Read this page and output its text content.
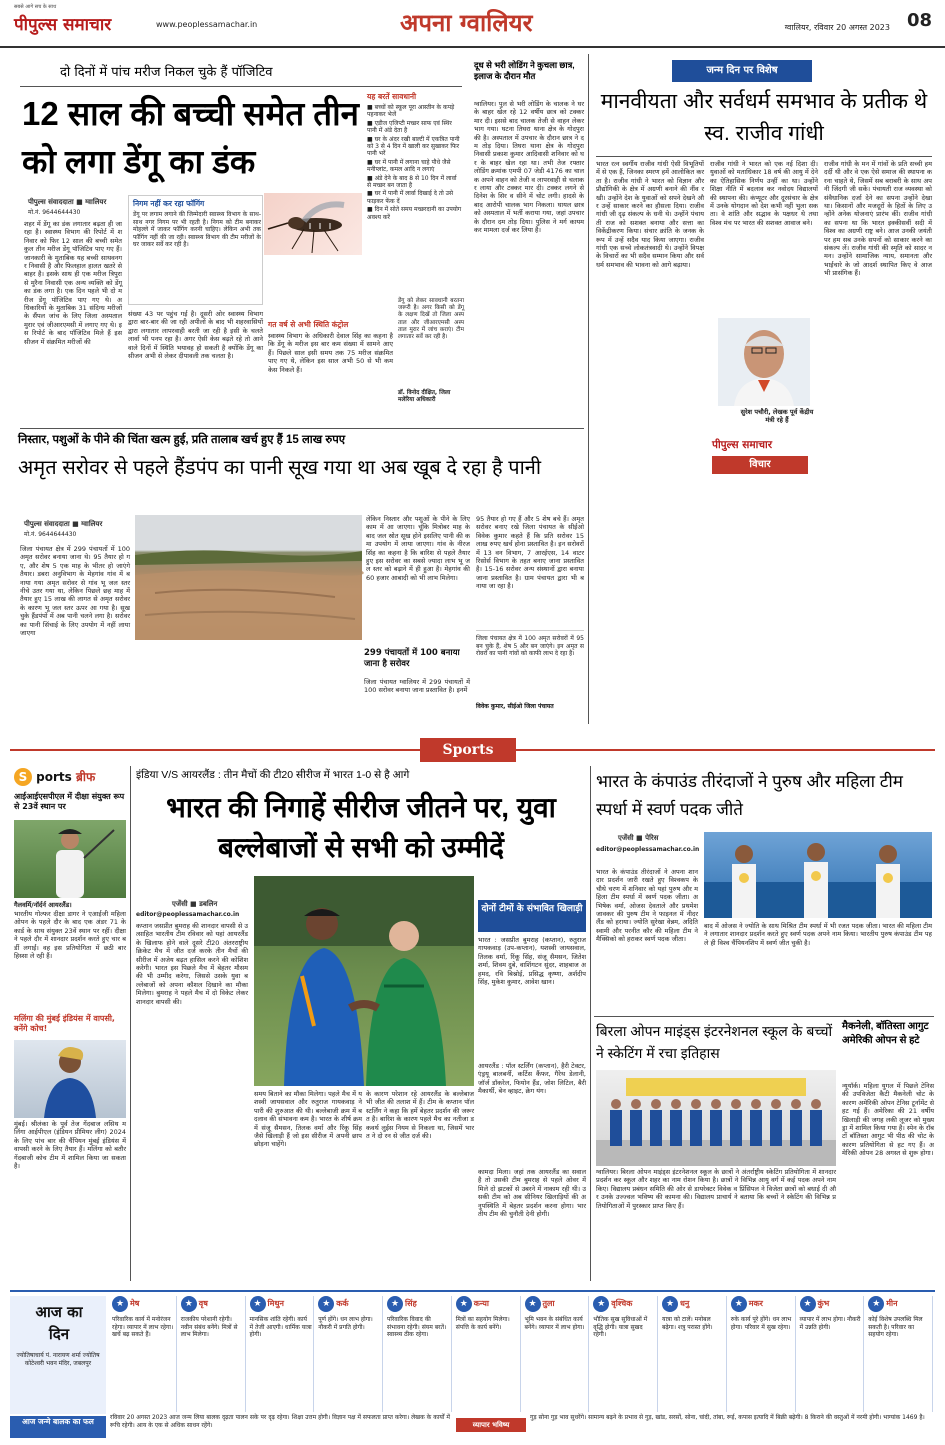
पीपुल्स समाचार
सबसे आगे सच के साथ
www.peoplessamachar.in	अपना ग्वालियर	ग्वालियर, रविवार 20 अगस्त 2023 08
दो दिनों में पांच मरीज निकल चुके हैं पॉजिटिव
12 साल की बच्ची समेत तीन को लगा डेंगू का डंक
पीपुल्स संवाददाता ■ ग्वालियर
मो.नं. 9644644430
शहर में डेंगू का डंक लगातार बढ़ता ही जा रहा है। स्वास्थ्य विभाग की रिपोर्ट में शनिवार को फिर 12 साल की बच्ची समेत कुल तीन मरीज डेंगू पॉजिटिव पाए गए हैं। जानकारी के मुताबिक यह बच्ची साथवनगर निवासी है और फिलहाल हालत खतरे से बाहर है। इसके साथ ही एक मरीज त्रिपुरा से मुरैना निवासी एक अन्य व्यक्ति को डेंगू का डंक लगा है। एक दिन पहले भी दो मरीज डेंगू पॉजिटिव पाए गए थे। अधिकारियों के मुताबिक 31 संदिग्ध मरीजों के सैंपल जांच के लिए जिला अस्पताल मुरार एवं जीआरएमसी में लगाए गए थे। इस रिपोर्ट के बाद पॉजिटिव मिले हैं इस सीजन में संक्रमित मरीजों की
निगम नहीं कर रहा फॉगिंग
डेंगू पर लगाम लगाने की जिम्मेदारी स्वास्थ्य विभाग के साथ-साथ नगर निगम पर भी रहती है। निगम को टीम बनाकर मोहल्ले में जाकर फॉगिंग करनी चाहिए। लेकिन अभी तक फॉगिंग नहीं की जा रही। स्वास्थ्य विभाग की टीम मरीजों के घर जाकर सर्वे कर रही है।
संख्या 43 पर पहुंच गई है। दूसरी ओर स्वास्थ्य विभाग द्वारा बार-बार की जा रही अपीलों के बाद भी शहरवासियों द्वारा लगातार लापरवाही बरती जा रही है इसी के चलते लार्वा भी पनप रहा है। अगर ऐसी केस बढ़ते रहे तो आने वाले दिनों में स्थिति भयावह हो सकती है क्योंकि डेंगू का सीजन अभी से लेकर दीपावली तक चलता है।
यह बरतें सावधानी
■ बच्चों को स्कूल पूरा आस्तीन के कपड़े पहनाकर भेजें
■ एडीज एजिप्टी मच्छर साफ एवं स्थिर पानी में अंडे देता है
■ घर के अंदर रखी बाल्टी में एकत्रित पानी को 3 से 4 दिन में खाली कर सुखाकर फिर पानी भरें
■ घर में पानी में लगाना चाहे पौधे जैसे मनीप्लांट, कमल आदि न लगाएं
■ अंडे देने के बाद 8 से 10 दिन में लार्वा से मच्छर बन जाता है
■ घर में पानी में लार्वा दिखाई दे तो उसे फाड़कर फेंक दें
■ दिन में सोते समय मच्छरदानी का उपयोग अवश्य करें
गत वर्ष से अभी स्थिति कंट्रोल
स्वास्थ्य विभाग के अधिकारी देवाल सिंह का कहना है कि डेंगू के मरीज इस बार कम संख्या में सामने आए हैं। पिछले साल इसी समय तक 75 मरीज संक्रमित पाए गए थे, लेकिन इस साल अभी 50 से भी कम केस निकले हैं।
डेंगू को लेकर सावधानी बरतना जरूरी है। अगर किसी को डेंगू के लक्षण दिखें तो जिला अस्पताल और जीआरएमसी अस्पताल मुरार में जांच कराएं। टीम लगातार सर्वे कर रही है।
डॉ. विनोद दीक्षित, जिला मलेरिया अधिकारी
दूध से भरी लोडिंग ने कुचला छात्र, इलाज के दौरान मौत
ग्वालियर। पुल से भरी लोडिंग के चालक ने घर के बाहर खेल रहे 12 वर्षीय छात्र को टक्कर मार दी। इससे बाद चालक तेजी से वाहन लेकर भाग गया। घटना तिघरा थाना क्षेत्र के गोदपुरा की है। अस्पताल में उपचार के दौरान छात्र ने दम तोड़ दिया। तिघरा थाना क्षेत्र के गोदपुरा निवासी प्रकाश कुमार आदिवासी शनिवार को घर के बाहर खेल रहा था। तभी तेज रफ्तार लोडिंग क्रमांक एमपी 07 जेडी 4176 का चालक अपने वाहन को तेजी व लापरवाही से चलाकर लाया और टक्कर मार दी। टक्कर लगने से दिनेश के सिर व सीने में चोट लगी। हादसे के बाद आरोपी चालक भाग निकला। घायल छात्र को अस्पताल में भर्ती कराया गया, जहां उपचार के दौरान दम तोड़ दिया। पुलिस ने मर्ग कायम कर मामला दर्ज कर लिया है।
निस्तार, पशुओं के पीने की चिंता खत्म हुई, प्रति तालाब खर्च हुए हैं 15 लाख रुपए
अमृत सरोवर से पहले हैंडपंप का पानी सूख गया था अब खूब दे रहा है पानी
पीपुल्स संवाददाता ■ ग्वालियर
मो.नं. 9644644430
जिला पंचायत क्षेत्र में 299 पंचायतों में 100 अमृत सरोवर बनाया जाना थे। 95 तैयार हो गए, और शेष 5 एक माह के भीतर हो जाएंगे तैयार। डबरा अनुविभाग के मेहगांव गांव में बनाया गया अमृत सरोवर से गांव भू जल स्तर नीचे उतर गया था, लेकिन पिछले छह माह में तैयार हुए 15 लाख की लागत से अमृत सरोवर के कारण भू जल स्तर ऊपर आ गया है। सूख चुके हैंडपंपों में अब पानी चलने लगा है। सरोवर का पानी सिंचाई के लिए उपयोग में नहीं लाया जाएगा
लेकिन निस्तार और पशुओं के पीने के लिए काम में आ जाएगा। चूंकि मित्रोबर माह के बाद जल स्रोत सूख होने इसलिए पानी की कमा उपयोग में लाया जाएगा। गांव के नीरज सिंह का कहना है कि बारिश से पहले तैयार हुए इस सरोवर का सबसे ज्यादा लाभ भू जल स्तर को बढ़ाने में ही हुआ है। मेहगांव की 60 हजार आबादी को भी लाभ मिलेगा।
299 पंचायतों में 100 बनाया जाना है सरोवर
जिला पंचायत ग्वालियर में 299 पंचायतों में 100 सरोवर बनाया जाना प्रस्तावित है। इनमें
95 तैयार हो गए हैं और 5 शेष बचे हैं। अमृत सरोवर बनाए रखे जिला पंचायत के सीईओ विवेक कुमार कहते हैं कि प्रति सरोवर 15 लाख रुपए खर्च होना प्रस्तावित है। इन सरोवरों में 13 वन विभाग, 7 आरईएस, 14 वाटर रिसोर्स विभाग के तहत बनाए जाना प्रस्तावित है। 15-16 सरोवर अन्य संस्थानों द्वारा बनाया जाना प्रस्तावित है। ग्राम पंचायत द्वारा भी बनाया जा रहा है।
जिला पंचायत क्षेत्र में 100 अमृत सरोवरों में 95 बन चुके हैं, शेष 5 और बन जाएंगे। इन अमृत सरोवरों का पानी गांवों को काफी लाभ दे रहा है।
विवेक कुमार, सीईओ जिला पंचायत
जन्म दिन पर विशेष
मानवीयता और सर्वधर्म समभाव के प्रतीक थे स्व. राजीव गांधी
भारत रत्न स्वर्गीय राजीव गांधी ऐसी विभूतियों में से एक हैं, जिनका स्मरण हमें आलोकित करता है। राजीव गांधी ने भारत को विज्ञान और प्रौद्योगिकी के क्षेत्र में अग्रणी बनाने की नींव रखी। उन्होंने देश के युवाओं को सपने देखने और उन्हें साकार करने का हौसला दिया। राजीव गांधी जी दृढ़ संकल्प के धनी थे। उन्होंने पंचायती राज को सशक्त बनाया और सत्ता का विकेंद्रीकरण किया। संचार क्रांति के जनक के रूप में उन्हें सदैव याद किया जाएगा। राजीव गांधी एक सच्चे लोकतंत्रवादी थे। उन्होंने विपक्ष के विचारों का भी सदैव सम्मान किया और सर्वधर्म समभाव की भावना को आगे बढ़ाया।
राजीव गांधी ने भारत को एक नई दिशा दी। युवाओं को मताधिकार 18 वर्ष की आयु में देने का ऐतिहासिक निर्णय उन्हीं का था। उन्होंने शिक्षा नीति में बदलाव कर नवोदय विद्यालयों की स्थापना की। कंप्यूटर और दूरसंचार के क्षेत्र में उनके योगदान को देश कभी नहीं भुला सकता। वे शांति और सद्भाव के पक्षधर थे तथा विश्व मंच पर भारत की सशक्त आवाज बने।
राजीव गांधी के मन में गांवों के प्रति सच्ची हमदर्दी थी और वे एक ऐसे समाज की स्थापना करना चाहते थे, जिसमें सब बराबरी के साथ अपनी जिंदगी जी सकें। पंचायती राज व्यवस्था को संवैधानिक दर्जा देने का सपना उन्होंने देखा था। किसानों और मजदूरों के हितों के लिए उन्होंने अनेक योजनाएं प्रारंभ कीं। राजीव गांधी का सपना था कि भारत इक्कीसवीं सदी में विश्व का अग्रणी राष्ट्र बने। आज उनकी जयंती पर हम सब उनके सपनों को साकार करने का संकल्प लें। राजीव गांधी की स्मृति को सादर नमन। उन्होंने सामाजिक न्याय, समानता और भाईचारे के जो आदर्श स्थापित किए वे आज भी प्रासंगिक हैं।
सुरेश पचौरी, लेखक पूर्व केंद्रीय मंत्री रहे हैं
पीपुल्स समाचार
विचार
Sports
S ports ब्रीफ
आईआईएसपीएल में दीक्षा संयुक्त रूप से 23वें स्थान पर
गैलवर्मि/नॉर्दर्न आयरलैंड।
भारतीय गोल्फर दीक्षा डागर ने एआईजी महिला ओपन के पहले दौर के बाद एक अंडर 71 के कार्ड के साथ संयुक्त 23वें स्थान पर रहीं। दीक्षा ने पहले दौर में शानदार प्रदर्शन करते हुए चार बर्डी लगाईं। वह इस प्रतियोगिता में छठी बार हिस्सा ले रही हैं।
मलिंगा की मुंबई इंडियंस में वापसी, बनेंगे कोच!
मुंबई। श्रीलंका के पूर्व तेज गेंदबाज लसिथ मलिंगा आईपीएल (इंडियन प्रीमियर लीग) 2024 के लिए पांच बार की चैंपियन मुंबई इंडियंस में वापसी करने के लिए तैयार हैं। मलिंगा को बतौर गेंदबाजी कोच टीम में शामिल किया जा सकता है।
इंडिया V/S आयरलैंड : तीन मैचों की टी20 सीरीज में भारत 1-0 से है आगे
भारत की निगाहें सीरीज जीतने पर, युवा बल्लेबाजों से सभी को उम्मीदें
एजेंसी ■ डबलिन
editor@peoplessamachar.co.in
कप्तान जसप्रीत बुमराह की शानदार वापसी से उत्साहित भारतीय टीम रविवार को यहां आयरलैंड के खिलाफ होने वाले दूसरे टी20 अंतरराष्ट्रीय क्रिकेट मैच में जीत दर्ज करके तीन मैचों की सीरीज में अजेय बढ़त हासिल करने की कोशिश करेगी। भारत इस पिछले मैच में बेहतर मौसम की भी उम्मीद करेगा, जिससे उसके युवा बल्लेबाजों को अपना कौशल दिखाने का मौका मिलेगा। बुमराह ने पहले मैच में दो विकेट लेकर शानदार वापसी की।
दोनों टीमों के संभावित खिलाड़ी
भारत : जसप्रीत बुमराह (कप्तान), रुतुराज गायकवाड़ (उप-कप्तान), यशस्वी जायसवाल, तिलक वर्मा, रिंकू सिंह, संजू सैमसन, जितेश शर्मा, शिवम दुबे, वाशिंगटन सुंदर, शाहबाज अहमद, रवि बिश्नोई, प्रसिद्ध कृष्णा, अर्शदीप सिंह, मुकेश कुमार, आवेश खान।
आयरलैंड : पॉल स्टर्लिंग (कप्तान), हैरी टेक्टर, एंड्रयू बालबर्नी, कर्टिस कैंफर, गैरेथ डेलानी, जॉर्ज डॉकरेल, फियोन हैंड, जोश लिटिल, बैरी मैकार्थी, बेन व्हाइट, क्रेग यंग।
कामदा मिला। जहां तक आयरलैंड का सवाल है तो उसकी टीम बुमराह से पहले ओवर में मिले दो झटकों से उबरने में नाकाम रही थी। उसकी टीम को अब सीनियर खिलाड़ियों की अनुपस्थिति में बेहतर प्रदर्शन करना होगा। भारतीय टीम की चुनौती देनी होगी।
समय बिताने का मौका मिलेगा। पहले मैच में यशस्वी जायसवाल और रुतुराज गायकवाड़ ने पारी की शुरुआत की थी। बल्लेबाजी क्रम में बदलाव की संभावना कम है। भारत के शीर्ष क्रम में संजू सैमसन, तिलक वर्मा और रिंकू सिंह जैसे खिलाड़ी हैं जो इस सीरीज में अपनी छाप छोड़ना चाहेंगे।
के कारण परेशान रहे आयरलैंड के बल्लेबाज भी जीत की तलाश में हैं। टीम के कप्तान पॉल स्टर्लिंग ने कहा कि हमें बेहतर प्रदर्शन की जरूरत है। बारिश के कारण पहले मैच का नतीजा डकवर्थ लुईस नियम से निकला था, जिसमें भारत ने दो रन से जीत दर्ज की।
भारत के कंपाउंड तीरंदाजों ने पुरुष और महिला टीम स्पर्धा में स्वर्ण पदक जीते
एजेंसी ■ पेरिस
editor@peoplessamachar.co.in
भारत के कंपाउंड तीरंदाजों ने अपना शानदार प्रदर्शन जारी रखते हुए विश्वकप के चौथे चरण में शनिवार को यहां पुरुष और महिला टीम स्पर्धा में स्वर्ण पदक जीता। अभिषेक वर्मा, ओजस देवताले और प्रथमेश जावकर की पुरुष टीम ने फाइनल में नीदरलैंड को हराया। ज्योति सुरेखा वेन्नम, अदिति स्वामी और परनीत कौर की महिला टीम ने मैक्सिको को हराकर स्वर्ण पदक जीता।
बाद में ओजस ने ज्योति के साथ मिश्रित टीम स्पर्धा में भी रजत पदक जीता। भारत की महिला टीम ने लगातार शानदार प्रदर्शन करते हुए स्वर्ण पदक अपने नाम किया। भारतीय पुरुष कंपाउंड टीम पहले ही विश्व चैंपियनशिप में स्वर्ण जीत चुकी है।
बिरला ओपन माइंड्स इंटरनेशनल स्कूल के बच्चों ने स्केटिंग में रचा इतिहास
ग्वालियर। बिरला ओपन माइंड्स इंटरनेशनल स्कूल के छात्रों ने अंतर्राष्ट्रीय स्केटिंग प्रतियोगिता में शानदार प्रदर्शन कर स्कूल और शहर का नाम रोशन किया है। छात्रों ने विभिन्न आयु वर्ग में कई पदक अपने नाम किए। विद्यालय प्रबंधन समिति की ओर से डायरेक्टर विवेक व प्रिंसिपल ने विजेता छात्रों को बधाई दी और उनके उज्ज्वल भविष्य की कामना की। विद्यालय प्राचार्य ने बताया कि बच्चों ने स्केटिंग की विभिन्न प्रतियोगिताओं में पुरस्कार प्राप्त किए हैं।
मैकनेली, बॉतिस्ता आगुट अमेरिकी ओपन से हटे
न्यूयॉर्क। महिला युगल में पिछले टेनिस की उपविजेता कैटी मैकनेली चोट के कारण अमेरिकी ओपन टेनिस टूर्नामेंट से हट गई हैं। अमेरिका की 21 वर्षीय खिलाड़ी की जगह लकी लूजर को मुख्य ड्रा में शामिल किया गया है। स्पेन के रॉबर्टो बॉतिस्ता आगुट भी पीठ की चोट के कारण प्रतियोगिता से हट गए हैं। अमेरिकी ओपन 28 अगस्त से शुरू होगा।
आज का
दिन
ज्योतिषाचार्य पं. नारायण शर्मा ज्योतिष कोटेश्वरी भवन मंदिर, जबलपुर
★ मेष
परिवारिक कार्य में मनोरंजन रहेगा। व्यापार में लाभ रहेगा। खर्चे बढ़ सकते हैं।
★ वृष
राजकीय परेशानी रहेगी। नवीन संबंध बनेंगे। मित्रों से लाभ मिलेगा।
★ मिथुन
मानसिक शांति रहेगी। कार्य में तेजी आएगी। धार्मिक यात्रा होगी।
★ कर्क
पूर्ण होंगे। धन लाभ होगा। नौकरी में प्रगति होगी।
★ सिंह
परिवारिक विवाद की संभावना रहेगी। संयम बरतें। स्वास्थ्य ठीक रहेगा।
★ कन्या
मित्रों का सहयोग मिलेगा। संपत्ति के कार्य बनेंगे।
★ तुला
भूमि भवन के संबंधित कार्य बनेंगे। व्यापार में लाभ होगा।
★ वृश्चिक
भौतिक सुख सुविधाओं में वृद्धि होगी। यात्रा सुखद रहेगी।
★ धनु
यात्रा को टालें। मनोबल बढ़ेगा। शत्रु परास्त होंगे।
★ मकर
रुके कार्य पूरे होंगे। धन लाभ होगा। परिवार में सुख रहेगा।
★ कुंभ
व्यापार में लाभ होगा। नौकरी में उन्नति होगी।
★ मीन
कोई विशेष उपलब्धि मिल सकती है। परिवार का सहयोग रहेगा।
आज जन्मे बालक का फल	रविवार 20 अगस्त 2023 आज जन्म लिया बालक दृढ़ता पालन सके पर दृढ़ रहेगा। शिक्षा उत्तम होगी। विज्ञान पक्ष में सफलता प्राप्त करेगा। लेखक के कार्यों में रूचि रहेगी। आय के एक से अधिक साधन रहेंगे।	व्यापार भविष्य
गुड़ सोना गुड़ भाव सुधरेंगे। सामान्य बढ़ने के प्रभाव से गुड़, खांड, सरसों, सोना, चांदी, तांबा, रूई, कपास इत्यादि में बिक्री बढ़ेगी। 8 किराने की वस्तुओं में नरमी होगी। भाग्यांक 1469 है।
